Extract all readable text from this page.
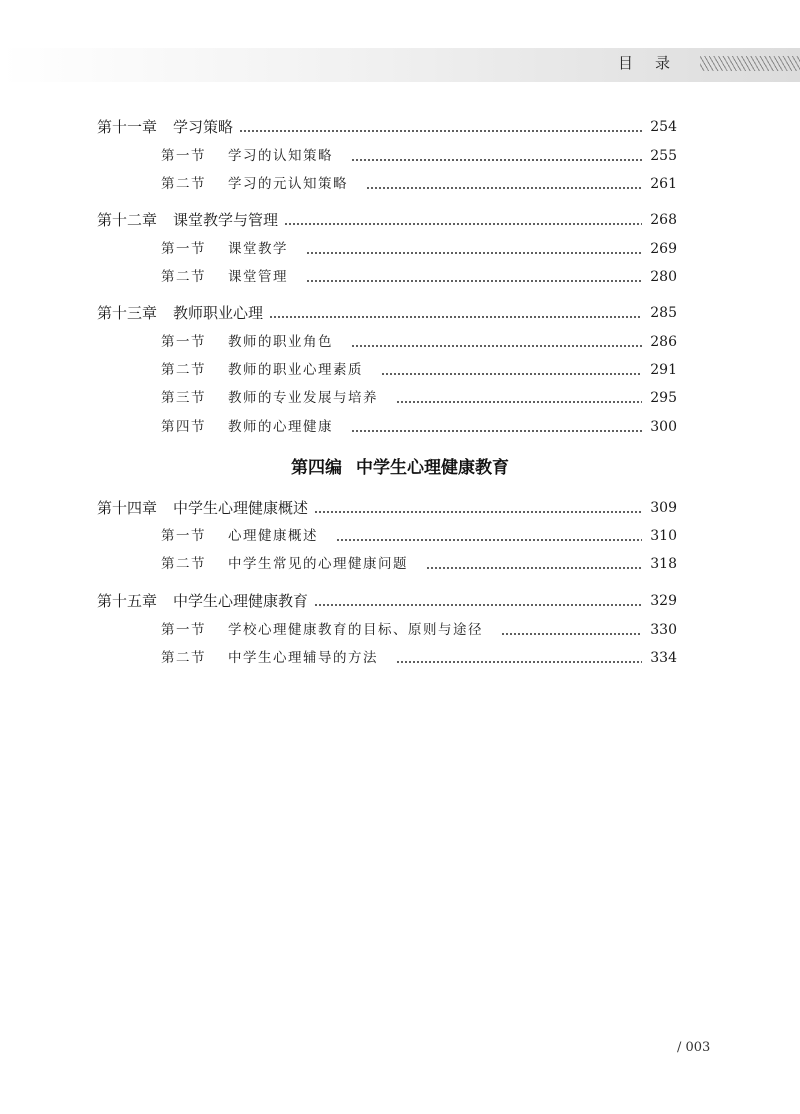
目 录
第十一章 学习策略	254
第一节 学习的认知策略	255
第二节 学习的元认知策略	261
第十二章 课堂教学与管理	268
第一节 课堂教学	269
第二节 课堂管理	280
第十三章 教师职业心理	285
第一节 教师的职业角色	286
第二节 教师的职业心理素质	291
第三节 教师的专业发展与培养	295
第四节 教师的心理健康	300
第四编 中学生心理健康教育
第十四章 中学生心理健康概述	309
第一节 心理健康概述	310
第二节 中学生常见的心理健康问题	318
第十五章 中学生心理健康教育	329
第一节 学校心理健康教育的目标、原则与途径	330
第二节 中学生心理辅导的方法	334
/ 003
